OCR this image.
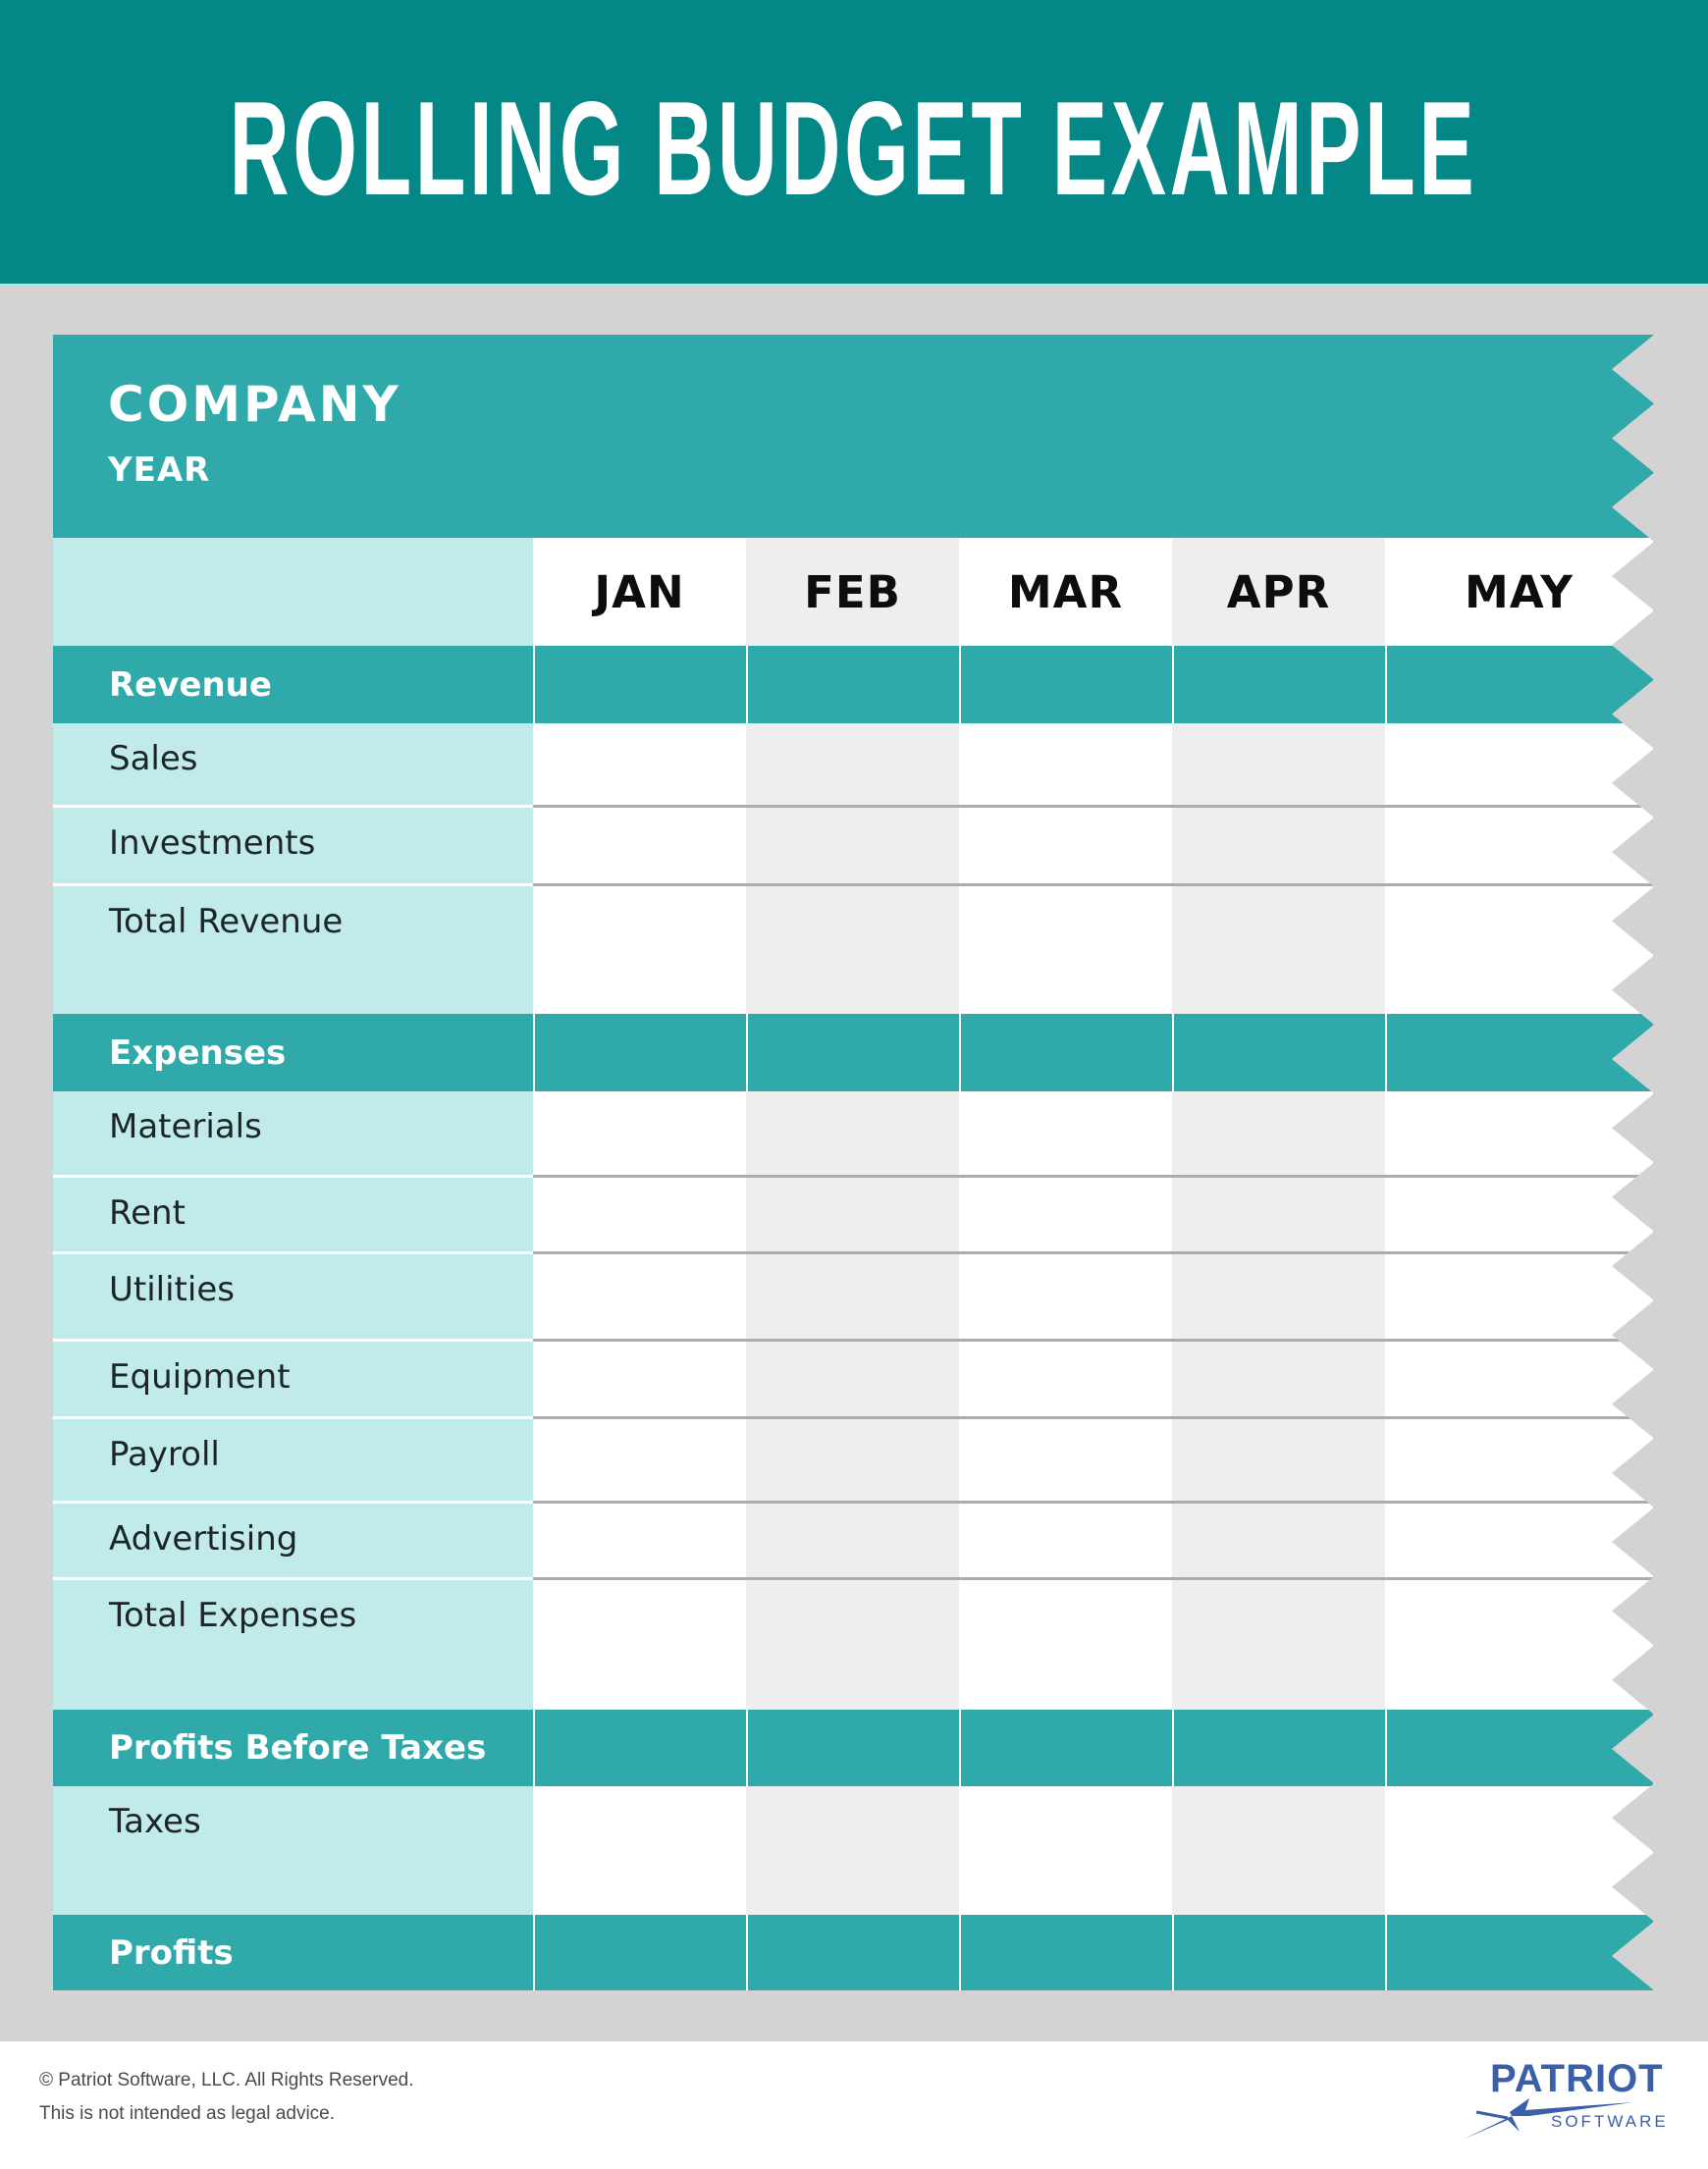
ROLLING BUDGET EXAMPLE
COMPANY
YEAR
JAN	FEB MAR APR	MAY
Revenue
Sales
Investments
Total Revenue
Expenses
Materials
Rent
Utilities
Equipment
Payroll
Advertising
Total Expenses
Profits Before Taxes
Taxes
Profits
© Patriot Software, LLC. All Rights Reserved.
This is not intended as legal advice.
PATRIOT
SOFTWARE
